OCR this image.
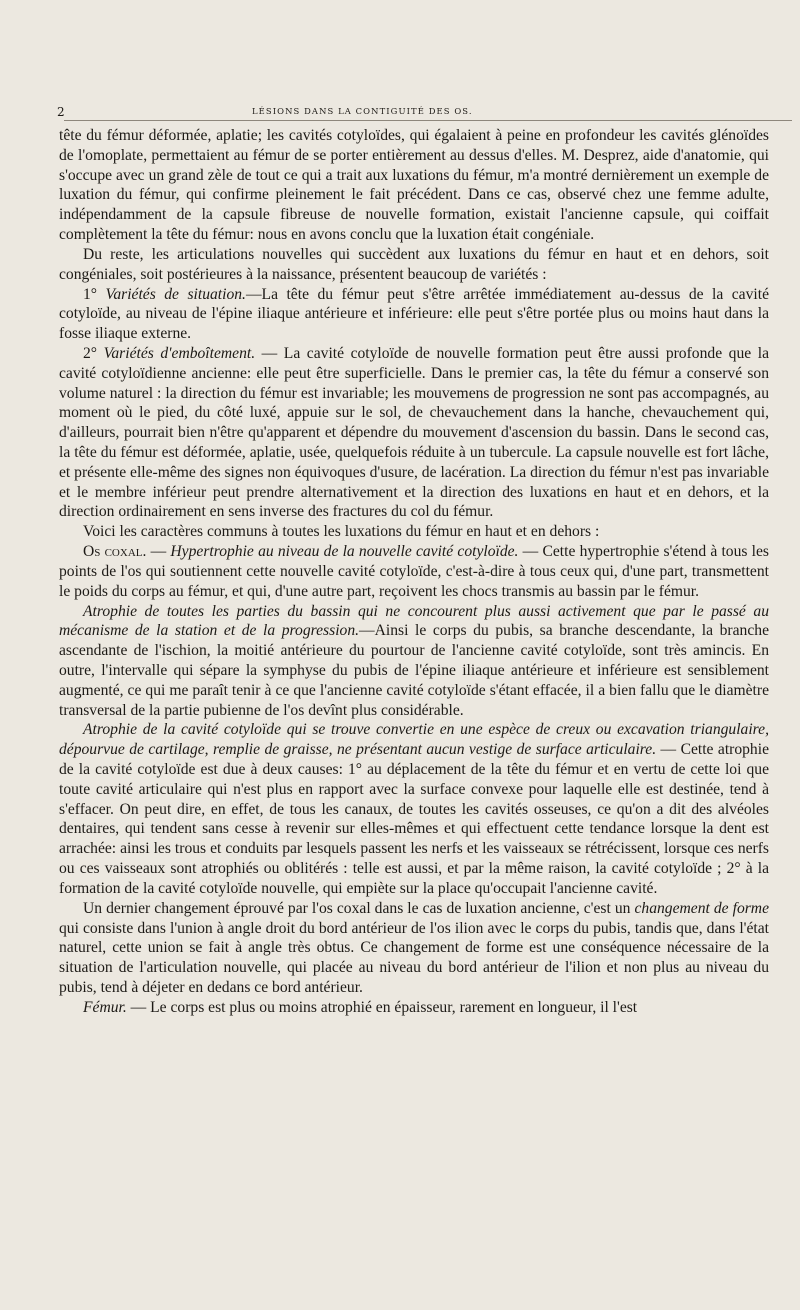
2	LÉSIONS DANS LA CONTIGUITÉ DES OS.

tête du fémur déformée, aplatie; les cavités cotyloïdes, qui égalaient à peine en profondeur les cavités glénoïdes de l'omoplate, permettaient au fémur de se porter entièrement au dessus d'elles. M. Desprez, aide d'anatomie, qui s'occupe avec un grand zèle de tout ce qui a trait aux luxations du fémur, m'a montré dernièrement un exemple de luxation du fémur, qui confirme pleinement le fait précédent. Dans ce cas, observé chez une femme adulte, indépendamment de la capsule fibreuse de nouvelle formation, existait l'ancienne capsule, qui coiffait complètement la tête du fémur: nous en avons conclu que la luxation était congéniale.

Du reste, les articulations nouvelles qui succèdent aux luxations du fémur en haut et en dehors, soit congéniales, soit postérieures à la naissance, présentent beaucoup de variétés :

1° Variétés de situation.—La tête du fémur peut s'être arrêtée immédiatement au-dessus de la cavité cotyloïde, au niveau de l'épine iliaque antérieure et inférieure: elle peut s'être portée plus ou moins haut dans la fosse iliaque externe.

2° Variétés d'emboîtement. — La cavité cotyloïde de nouvelle formation peut être aussi profonde que la cavité cotyloïdienne ancienne: elle peut être superficielle. Dans le premier cas, la tête du fémur a conservé son volume naturel : la direction du fémur est invariable; les mouvemens de progression ne sont pas accompagnés, au moment où le pied, du côté luxé, appuie sur le sol, de chevauchement dans la hanche, chevauchement qui, d'ailleurs, pourrait bien n'être qu'apparent et dépendre du mouvement d'ascension du bassin. Dans le second cas, la tête du fémur est déformée, aplatie, usée, quelquefois réduite à un tubercule. La capsule nouvelle est fort lâche, et présente elle-même des signes non équivoques d'usure, de lacération. La direction du fémur n'est pas invariable et le membre inférieur peut prendre alternativement et la direction des luxations en haut et en dehors, et la direction ordinairement en sens inverse des fractures du col du fémur.

Voici les caractères communs à toutes les luxations du fémur en haut et en dehors :

Os coxal. — Hypertrophie au niveau de la nouvelle cavité cotyloïde. — Cette hypertrophie s'étend à tous les points de l'os qui soutiennent cette nouvelle cavité cotyloïde, c'est-à-dire à tous ceux qui, d'une part, transmettent le poids du corps au fémur, et qui, d'une autre part, reçoivent les chocs transmis au bassin par le fémur.

Atrophie de toutes les parties du bassin qui ne concourent plus aussi activement que par le passé au mécanisme de la station et de la progression.—Ainsi le corps du pubis, sa branche descendante, la branche ascendante de l'ischion, la moitié antérieure du pourtour de l'ancienne cavité cotyloïde, sont très amincis. En outre, l'intervalle qui sépare la symphyse du pubis de l'épine iliaque antérieure et inférieure est sensiblement augmenté, ce qui me paraît tenir à ce que l'ancienne cavité cotyloïde s'étant effacée, il a bien fallu que le diamètre transversal de la partie pubienne de l'os devînt plus considérable.

Atrophie de la cavité cotyloïde qui se trouve convertie en une espèce de creux ou excavation triangulaire, dépourvue de cartilage, remplie de graisse, ne présentant aucun vestige de surface articulaire. — Cette atrophie de la cavité cotyloïde est due à deux causes: 1° au déplacement de la tête du fémur et en vertu de cette loi que toute cavité articulaire qui n'est plus en rapport avec la surface convexe pour laquelle elle est destinée, tend à s'effacer. On peut dire, en effet, de tous les canaux, de toutes les cavités osseuses, ce qu'on a dit des alvéoles dentaires, qui tendent sans cesse à revenir sur elles-mêmes et qui effectuent cette tendance lorsque la dent est arrachée: ainsi les trous et conduits par lesquels passent les nerfs et les vaisseaux se rétrécissent, lorsque ces nerfs ou ces vaisseaux sont atrophiés ou oblitérés : telle est aussi, et par la même raison, la cavité cotyloïde ; 2° à la formation de la cavité cotyloïde nouvelle, qui empiète sur la place qu'occupait l'ancienne cavité.

Un dernier changement éprouvé par l'os coxal dans le cas de luxation ancienne, c'est un changement de forme qui consiste dans l'union à angle droit du bord antérieur de l'os ilion avec le corps du pubis, tandis que, dans l'état naturel, cette union se fait à angle très obtus. Ce changement de forme est une conséquence nécessaire de la situation de l'articulation nouvelle, qui placée au niveau du bord antérieur de l'ilion et non plus au niveau du pubis, tend à déjeter en dedans ce bord antérieur.

Fémur. — Le corps est plus ou moins atrophié en épaisseur, rarement en longueur, il l'est
